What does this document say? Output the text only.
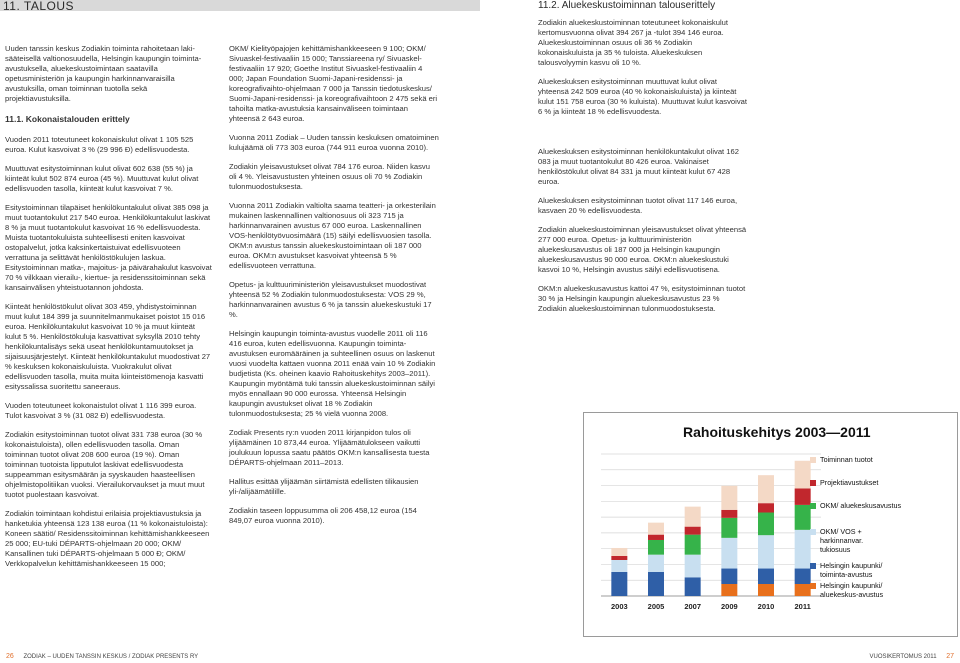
11. TALOUS	11.2. Aluekeskustoiminnan talouserittely

Uuden tanssin keskus Zodiakin toiminta rahoitetaan laki-sääteisellä valtionosuudella, Helsingin kaupungin toiminta-avustuksella, aluekeskustoimintaan saatavilla opetusministeriön ja kaupungin harkinnanvaraisilla avustuksilla, oman toiminnan tuotolla sekä projektiavustuksilla.

11.1. Kokonaistalouden erittely

Vuoden 2011 toteutuneet kokonaiskulut olivat 1 105 525 euroa. Kulut kasvoivat 3 % (29 996 Đ) edellisvuodesta.

Muuttuvat esitystoiminnan kulut olivat 602 638 (55 %) ja kiinteät kulut 502 874 euroa (45 %). Muuttuvat kulut olivat edellisvuoden tasolla, kiinteät kulut kasvoivat 7 %.

Esitystoiminnan tilapäiset henkilökuntakulut olivat 385 098 ja muut tuotantokulut 217 540 euroa. Henkilökuntakulut laskivat 8 % ja muut tuotantokulut kasvoivat 16 % edellisvuodesta. Muista tuotantokuluista suhteellisesti eniten kasvoivat ostopalvelut, jotka kaksinkertaistuivat edellisvuoteen verrattuna ja selittävät henkilöstökulujen laskua. Esitystoiminnan matka-, majoitus- ja päivärahakulut kasvoivat 70 % vilkkaan vierailu-, kiertue- ja residenssitoiminnan sekä kansainvälisen yhteistuotannon johdosta.

Kiinteät henkilöstökulut olivat 303 459, yhdistystoiminnan muut kulut 184 399 ja suunnitelmanmukaiset poistot 15 016 euroa. Henkilökuntakulut kasvoivat 10 % ja muut kiinteät kulut 5 %. Henkilöstökuluja kasvattivat syksyllä 2010 tehty henkilökuntalisäys sekä useat henkilökuntamuutokset ja sijaisuusjärjestelyt. Kiinteät henkilökuntakulut muodostivat 27 % keskuksen kokonaiskuluista. Vuokrakulut olivat edellisvuoden tasolla, muita muita kiinteistömenoja kasvatti esityssalissa suoritettu saneeraus.

Vuoden toteutuneet kokonaistulot olivat 1 116 399 euroa. Tulot kasvoivat 3 % (31 082 Đ) edellisvuodesta.

Zodiakin esitystoiminnan tuotot olivat 331 738 euroa (30 % kokonaistuloista), ollen edellisvuoden tasolla. Oman toiminnan tuotot olivat 208 600 euroa (19 %). Oman toiminnan tuotoista lipputulot laskivat edellisvuodesta suppeamman esitysmäärän ja syyskauden haasteellisen ohjelmistopolitiikan vuoksi. Vierailukorvaukset ja muut muut tuotot puolestaan kasvoivat.

Zodiakin toimintaan kohdistui erilaisia projektiavustuksia ja hanketukia yhteensä 123 138 euroa (11 % kokonaistuloista): Koneen säätiö/ Residenssitoiminnan kehittämishankkeeseen 25 000; EU-tuki DÉPARTS-ohjelmaan 20 000; OKM/ Kansallinen tuki DÉPARTS-ohjelmaan 5 000 Đ; OKM/ Verkkopalvelun kehittämishankkeeseen 15 000;

OKM/ Kielityöpajojen kehittämishankkeeseen 9 100; OKM/ Sivuaskel-festivaaliin 15 000; Tanssiareena ry/ Sivuaskel-festivaaliin 17 920; Goethe Institut Sivuaskel-festivaaliin 4 000; Japan Foundation Suomi-Japani-residenssi- ja koreografivaihto-ohjelmaan 7 000 ja Tanssin tiedotuskeskus/ Suomi-Japani-residenssi- ja koreografivaihtoon 2 475 sekä eri tahoilta matka-avustuksia kansainväliseen toimintaan yhteensä 2 643 euroa.

Vuonna 2011 Zodiak – Uuden tanssin keskuksen omatoiminen kulujäämä oli 773 303 euroa (744 911 euroa vuonna 2010).

Zodiakin yleisavustukset olivat 784 176 euroa. Niiden kasvu oli 4 %. Yleisavustusten yhteinen osuus oli 70 % Zodiakin tulonmuodostuksesta.

Vuonna 2011 Zodiakin valtiolta saama teatteri- ja orkesterilain mukainen laskennallinen valtionosuus oli 323 715 ja harkinnanvarainen avustus 67 000 euroa. Laskennallinen VOS-henkilötyövuosimäärä (15) säilyi edellisvuosien tasolla. OKM:n avustus tanssin aluekeskustoimintaan oli 187 000 euroa. OKM:n avustukset kasvoivat yhteensä 5 % edellisvuoteen verrattuna.

Opetus- ja kulttuuriministeriön yleisavustukset muodostivat yhteensä 52 % Zodiakin tulonmuodostuksesta: VOS 29 %, harkinnanvarainen avustus 6 % ja tanssin aluekeskustuki 17 %.

Helsingin kaupungin toiminta-avustus vuodelle 2011 oli 116 416 euroa, kuten edellisvuonna. Kaupungin toiminta-avustuksen euromääräinen ja suhteellinen osuus on laskenut vuosi vuodelta kattaen vuonna 2011 enää vain 10 % Zodiakin budjetista (Ks. oheinen kaavio Rahoituskehitys 2003–2011). Kaupungin myöntämä tuki tanssin aluekeskustoiminnan säilyi myös ennallaan 90 000 eurossa. Yhteensä Helsingin kaupungin avustukset olivat 18 % Zodiakin tulonmuodostuksesta; 25 % vielä vuonna 2008.

Zodiak Presents ry:n vuoden 2011 kirjanpidon tulos oli ylijäämäinen 10 873,44 euroa. Ylijäämätulokseen vaikutti joulukuun lopussa saatu päätös OKM:n kansallisesta tuesta DÉPARTS-ohjelmaan 2011–2013.

Hallitus esittää ylijäämän siirtämistä edellisten tilikausien yli-/alijäämätilille.

Zodiakin taseen loppusumma oli 206 458,12 euroa (154 849,07 euroa vuonna 2010).

Zodiakin aluekeskustoiminnan toteutuneet kokonaiskulut kertomusvuonna olivat 394 267 ja -tulot 394 146 euroa. Aluekeskustoiminnan osuus oli 36 % Zodiakin kokonaiskuluista ja 35 % tuloista. Aluekeskuksen talousvolyymin kasvu oli 10 %.

Aluekeskuksen esitystoiminnan muuttuvat kulut olivat yhteensä 242 509 euroa (40 % kokonaiskuluista) ja kiinteät kulut 151 758 euroa (30 % kuluista). Muuttuvat kulut kasvoivat 6 % ja kiinteät 18 % edellisvuodesta.

Aluekeskuksen esitystoiminnan henkilökuntakulut olivat 162 083 ja muut tuotantokulut 80 426 euroa. Vakinaiset henkilöstökulut olivat 84 331 ja muut kiinteät kulut 67 428 euroa.

Aluekeskuksen esitystoiminnan tuotot olivat 117 146 euroa, kasvaen 20 % edellisvuodesta.

Zodiakin aluekeskustoiminnan yleisavustukset olivat yhteensä 277 000 euroa. Opetus- ja kulttuuriministeriön aluekeskusavustus oli 187 000 ja Helsingin kaupungin aluekeskusavustus 90 000 euroa. OKM:n aluekeskustuki kasvoi 10 %, Helsingin avustus säilyi edellisvuotisena.

OKM:n aluekeskusavustus kattoi 47 %, esitystoiminnan tuotot 30 % ja Helsingin kaupungin aluekeskusavustus 23 % Zodiakin aluekeskustoiminnan tulonmuodostuksesta.

Rahoituskehitys 2003—2011
2003	2005	2007	2009	2010	2011
Toiminnan tuotot
Projektiavustukset
OKM/ aluekeskusavustus
OKM/ VOS + harkinnanvar. tukiosuus
Helsingin kaupunki/ toiminta-avustus
Helsingin kaupunki/ aluekeskus-avustus
26 ZODIAK – UUDEN TANSSIN KESKUS / ZODIAK PRESENTS RY	VUOSIKERTOMUS 2011 27
